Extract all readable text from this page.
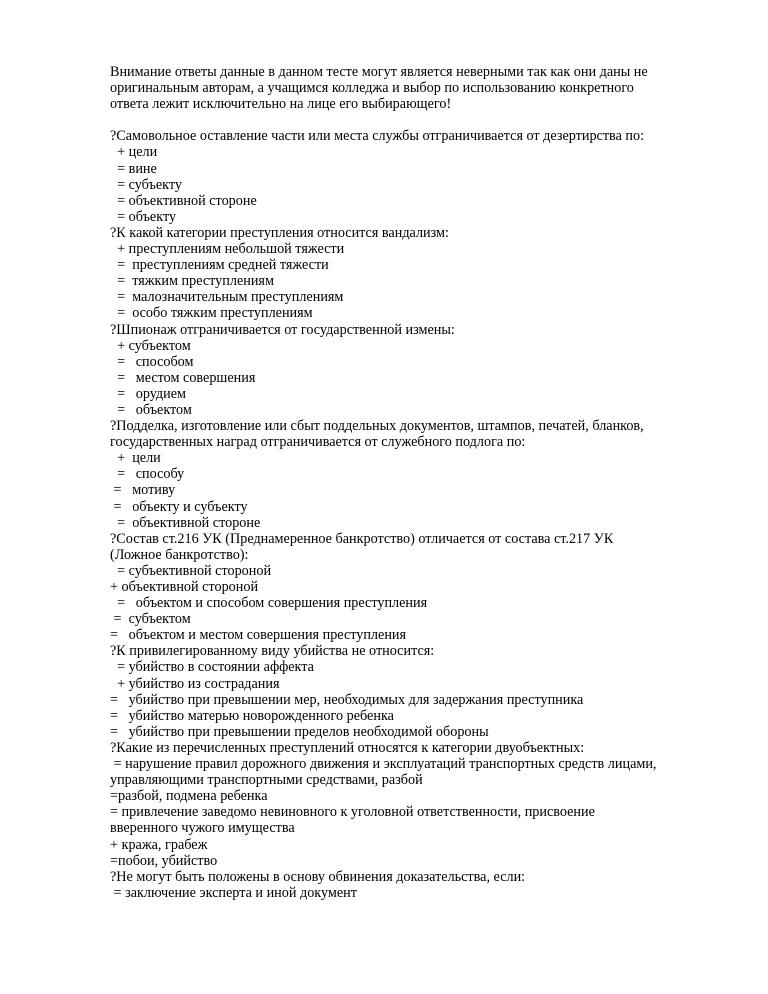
Внимание ответы данные в данном тесте могут является неверными так как они даны не
оригинальным авторам, а учащимся колледжа и выбор по использованию конкретного
ответа лежит исключительно на лице его выбирающего!
?Самовольное оставление части или места службы отграничивается от дезертирства по:
+ цели
= вине
= субъекту
= объективной стороне
= объекту
?К какой категории преступления относится вандализм:
+ преступлениям небольшой тяжести
=  преступлениям средней тяжести
=  тяжким преступлениям
=  малозначительным преступлениям
=  особо тяжким преступлениям
?Шпионаж отграничивается от государственной измены:
+ субъектом
=   способом
=   местом совершения
=   орудием
=   объектом
?Подделка, изготовление или сбыт поддельных документов, штампов, печатей, бланков,
государственных наград отграничивается от служебного подлога по:
+  цели
=   способу
=   мотиву
=   объекту и субъекту
=  объективной стороне
?Состав ст.216 УК (Преднамеренное банкротство) отличается от состава ст.217 УК
(Ложное банкротство):
= субъективной стороной
+ объективной стороной
=   объектом и способом совершения преступления
=  субъектом
=   объектом и местом совершения преступления
?К привилегированному виду убийства не относится:
= убийство в состоянии аффекта
+ убийство из сострадания
=   убийство при превышении мер, необходимых для задержания преступника
=   убийство матерью новорожденного ребенка
=   убийство при превышении пределов необходимой обороны
?Какие из перечисленных преступлений относятся к категории двуобъектных:
= нарушение правил дорожного движения и эксплуатаций транспортных средств лицами,
управляющими транспортными средствами, разбой
=разбой, подмена ребенка
= привлечение заведомо невиновного к уголовной ответственности, присвоение
вверенного чужого имущества
+ кража, грабеж
=побои, убийство
?Не могут быть положены в основу обвинения доказательства, если:
= заключение эксперта и иной документ
